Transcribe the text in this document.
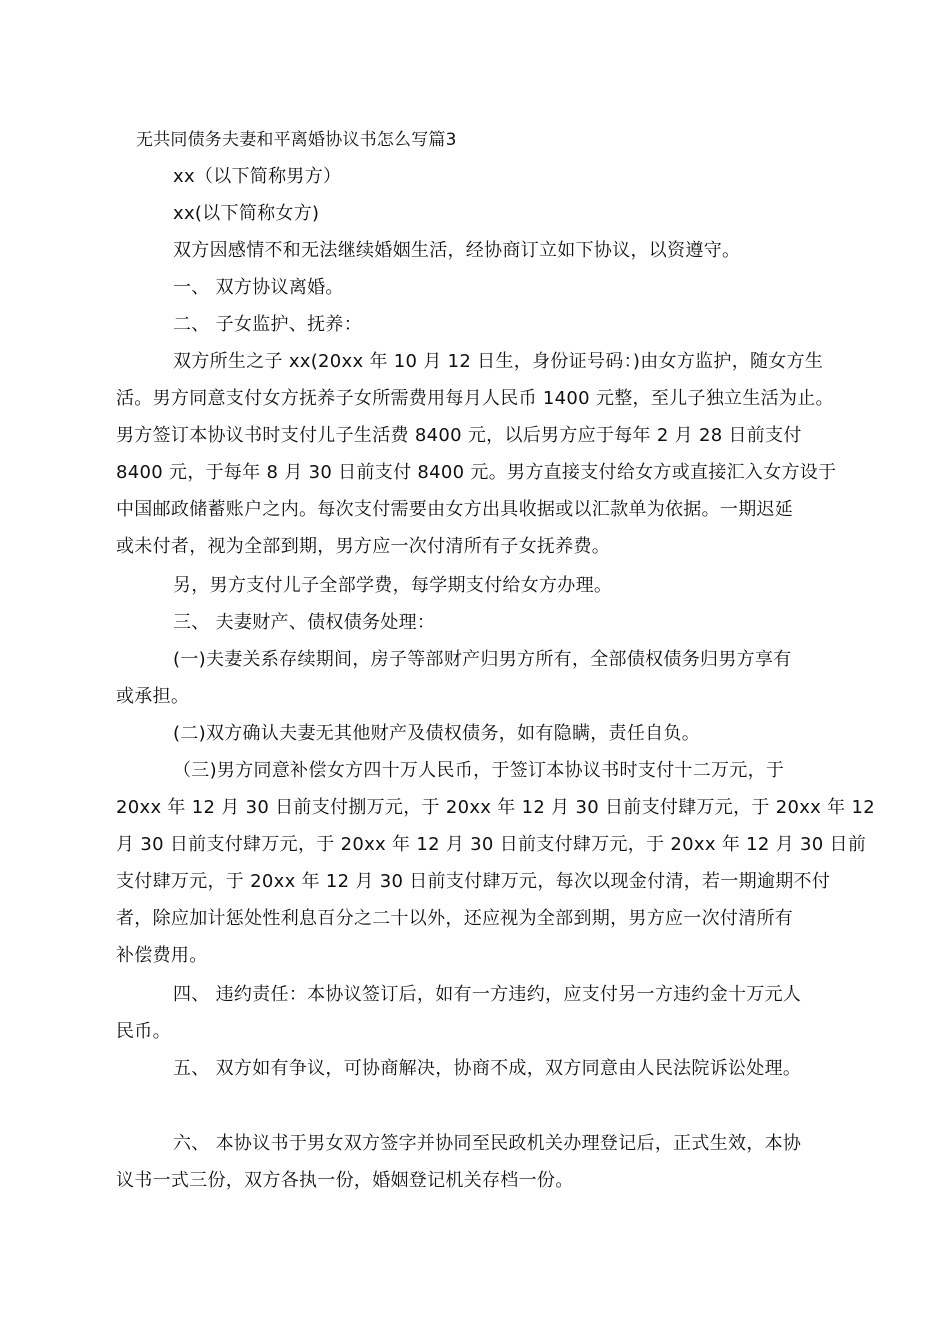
无共同债务夫妻和平离婚协议书怎么写篇3
xx（以下简称男方）
xx(以下简称女方)
双方因感情不和无法继续婚姻生活，经协商订立如下协议，以资遵守。
一、 双方协议离婚。
二、 子女监护、抚养：
双方所生之子 xx(20xx 年 10 月 12 日生，身份证号码：)由女方监护，随女方生
活。男方同意支付女方抚养子女所需费用每月人民币 1400 元整，至儿子独立生活为止。
男方签订本协议书时支付儿子生活费 8400 元，以后男方应于每年 2 月 28 日前支付
8400 元，于每年 8 月 30 日前支付 8400 元。男方直接支付给女方或直接汇入女方设于
中国邮政储蓄账户之内。每次支付需要由女方出具收据或以汇款单为依据。一期迟延
或未付者，视为全部到期，男方应一次付清所有子女抚养费。
另，男方支付儿子全部学费，每学期支付给女方办理。
三、 夫妻财产、债权债务处理：
(一)夫妻关系存续期间，房子等部财产归男方所有，全部债权债务归男方享有
或承担。
(二)双方确认夫妻无其他财产及债权债务，如有隐瞒，责任自负。
（三)男方同意补偿女方四十万人民币，于签订本协议书时支付十二万元，于
20xx 年 12 月 30 日前支付捌万元，于 20xx 年 12 月 30 日前支付肆万元，于 20xx 年 12
月 30 日前支付肆万元，于 20xx 年 12 月 30 日前支付肆万元，于 20xx 年 12 月 30 日前
支付肆万元，于 20xx 年 12 月 30 日前支付肆万元，每次以现金付清，若一期逾期不付
者，除应加计惩处性利息百分之二十以外，还应视为全部到期，男方应一次付清所有
补偿费用。
四、 违约责任：本协议签订后，如有一方违约，应支付另一方违约金十万元人
民币。
五、 双方如有争议，可协商解决，协商不成，双方同意由人民法院诉讼处理。
六、 本协议书于男女双方签字并协同至民政机关办理登记后，正式生效，本协
议书一式三份，双方各执一份，婚姻登记机关存档一份。
